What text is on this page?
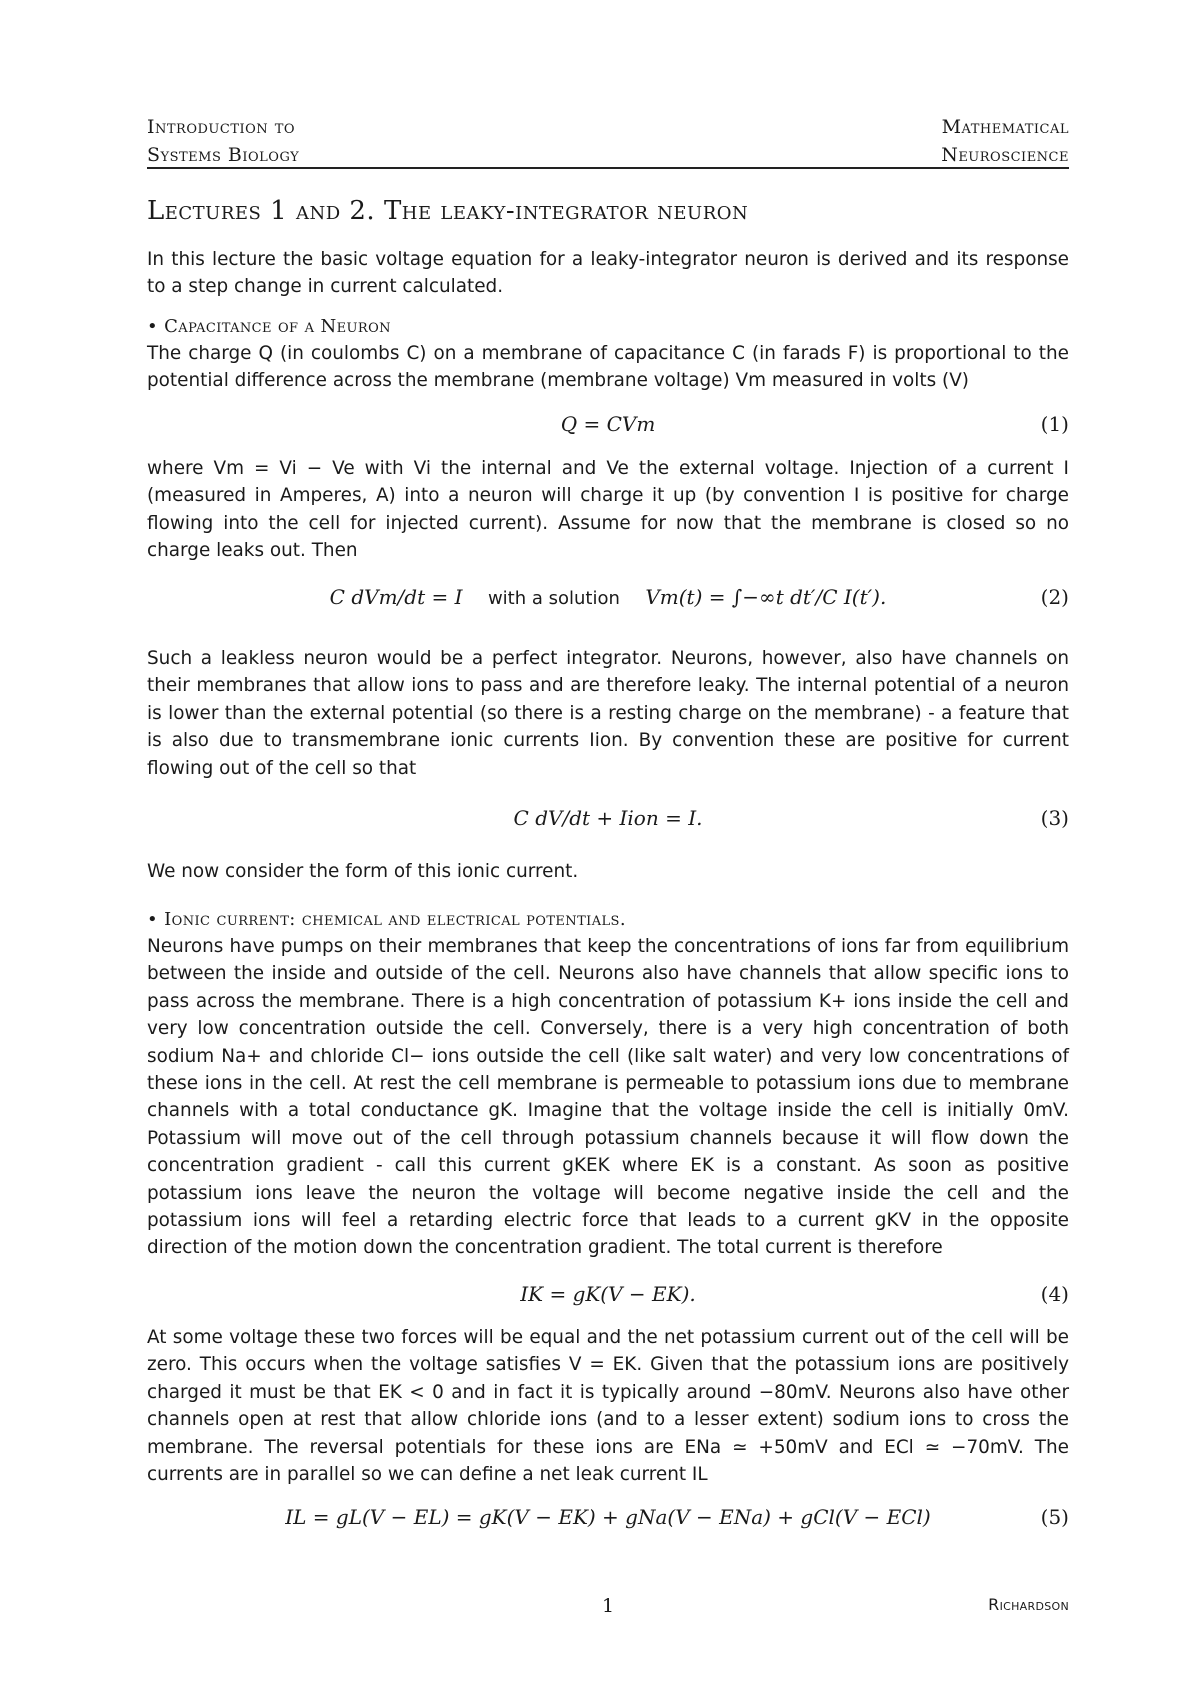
Introduction to
Systems Biology
Mathematical
Neuroscience
Lectures 1 and 2. The leaky-integrator neuron
In this lecture the basic voltage equation for a leaky-integrator neuron is derived and its response to a step change in current calculated.
• Capacitance of a Neuron
The charge Q (in coulombs C) on a membrane of capacitance C (in farads F) is proportional to the potential difference across the membrane (membrane voltage) Vm measured in volts (V)
Q = CVm	(1)
where Vm = Vi − Ve with Vi the internal and Ve the external voltage. Injection of a current I (measured in Amperes, A) into a neuron will charge it up (by convention I is positive for charge flowing into the cell for injected current). Assume for now that the membrane is closed so no charge leaks out. Then
C dVm/dt = I with a solution Vm(t) = ∫−∞t dt′/C I(t′).	(2)
Such a leakless neuron would be a perfect integrator. Neurons, however, also have channels on their membranes that allow ions to pass and are therefore leaky. The internal potential of a neuron is lower than the external potential (so there is a resting charge on the membrane) - a feature that is also due to transmembrane ionic currents Iion. By convention these are positive for current flowing out of the cell so that
C dV/dt + Iion = I.	(3)
We now consider the form of this ionic current.
• Ionic current: chemical and electrical potentials.
Neurons have pumps on their membranes that keep the concentrations of ions far from equilibrium between the inside and outside of the cell. Neurons also have channels that allow specific ions to pass across the membrane. There is a high concentration of potassium K+ ions inside the cell and very low concentration outside the cell. Conversely, there is a very high concentration of both sodium Na+ and chloride Cl− ions outside the cell (like salt water) and very low concentrations of these ions in the cell. At rest the cell membrane is permeable to potassium ions due to membrane channels with a total conductance gK. Imagine that the voltage inside the cell is initially 0mV. Potassium will move out of the cell through potassium channels because it will flow down the concentration gradient - call this current gKEK where EK is a constant. As soon as positive potassium ions leave the neuron the voltage will become negative inside the cell and the potassium ions will feel a retarding electric force that leads to a current gKV in the opposite direction of the motion down the concentration gradient. The total current is therefore
IK = gK(V − EK).	(4)
At some voltage these two forces will be equal and the net potassium current out of the cell will be zero. This occurs when the voltage satisfies V = EK. Given that the potassium ions are positively charged it must be that EK < 0 and in fact it is typically around −80mV. Neurons also have other channels open at rest that allow chloride ions (and to a lesser extent) sodium ions to cross the membrane. The reversal potentials for these ions are ENa ≃ +50mV and ECl ≃ −70mV. The currents are in parallel so we can define a net leak current IL
IL = gL(V − EL) = gK(V − EK) + gNa(V − ENa) + gCl(V − ECl)	(5)
1	Richardson
